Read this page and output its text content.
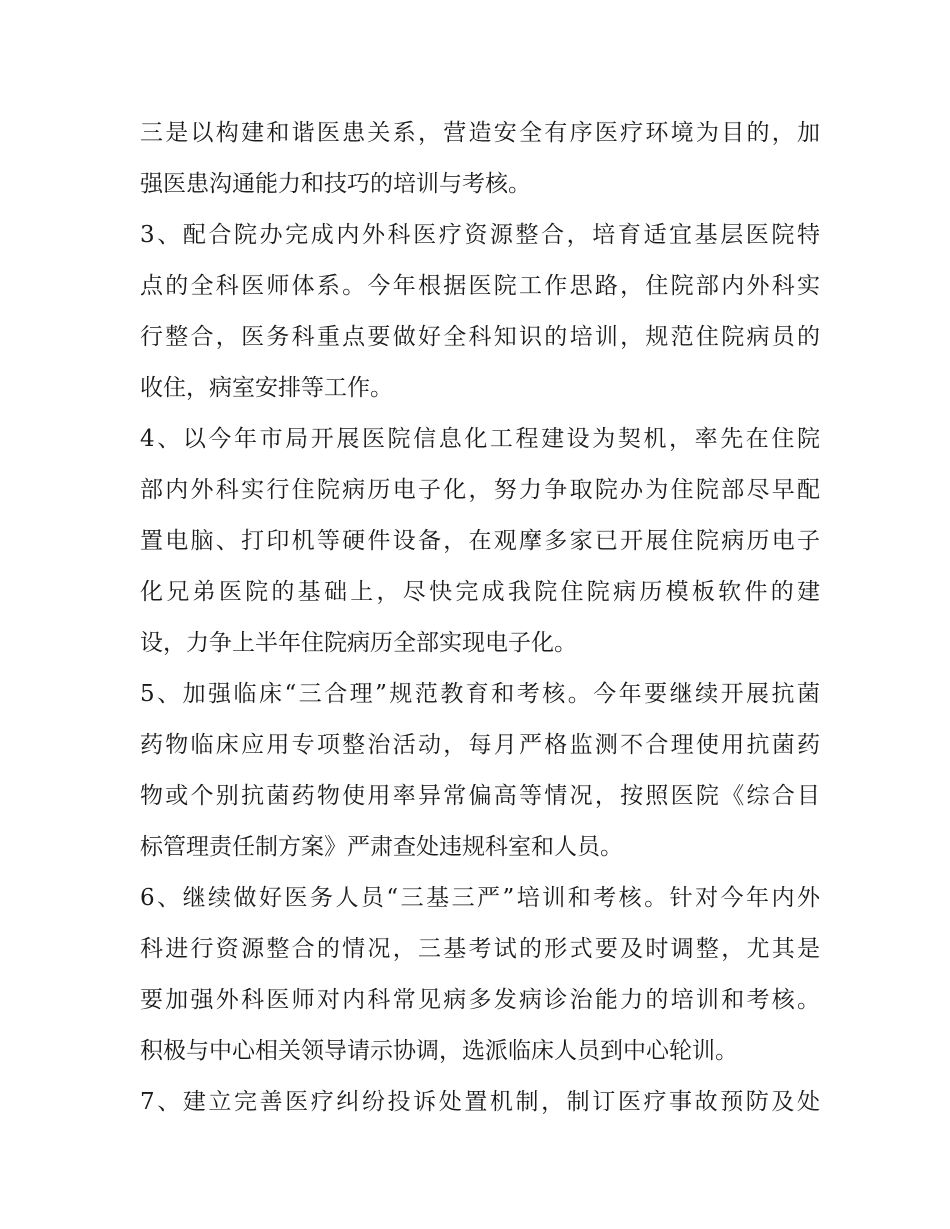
三是以构建和谐医患关系，营造安全有序医疗环境为目的，加
强医患沟通能力和技巧的培训与考核。
3、配合院办完成内外科医疗资源整合，培育适宜基层医院特
点的全科医师体系。今年根据医院工作思路，住院部内外科实
行整合，医务科重点要做好全科知识的培训，规范住院病员的
收住，病室安排等工作。
4、以今年市局开展医院信息化工程建设为契机，率先在住院
部内外科实行住院病历电子化，努力争取院办为住院部尽早配
置电脑、打印机等硬件设备，在观摩多家已开展住院病历电子
化兄弟医院的基础上，尽快完成我院住院病历模板软件的建
设，力争上半年住院病历全部实现电子化。
5、加强临床“三合理”规范教育和考核。今年要继续开展抗菌
药物临床应用专项整治活动，每月严格监测不合理使用抗菌药
物或个别抗菌药物使用率异常偏高等情况，按照医院《综合目
标管理责任制方案》严肃查处违规科室和人员。
6、继续做好医务人员“三基三严”培训和考核。针对今年内外
科进行资源整合的情况，三基考试的形式要及时调整，尤其是
要加强外科医师对内科常见病多发病诊治能力的培训和考核。
积极与中心相关领导请示协调，选派临床人员到中心轮训。
7、建立完善医疗纠纷投诉处置机制，制订医疗事故预防及处
